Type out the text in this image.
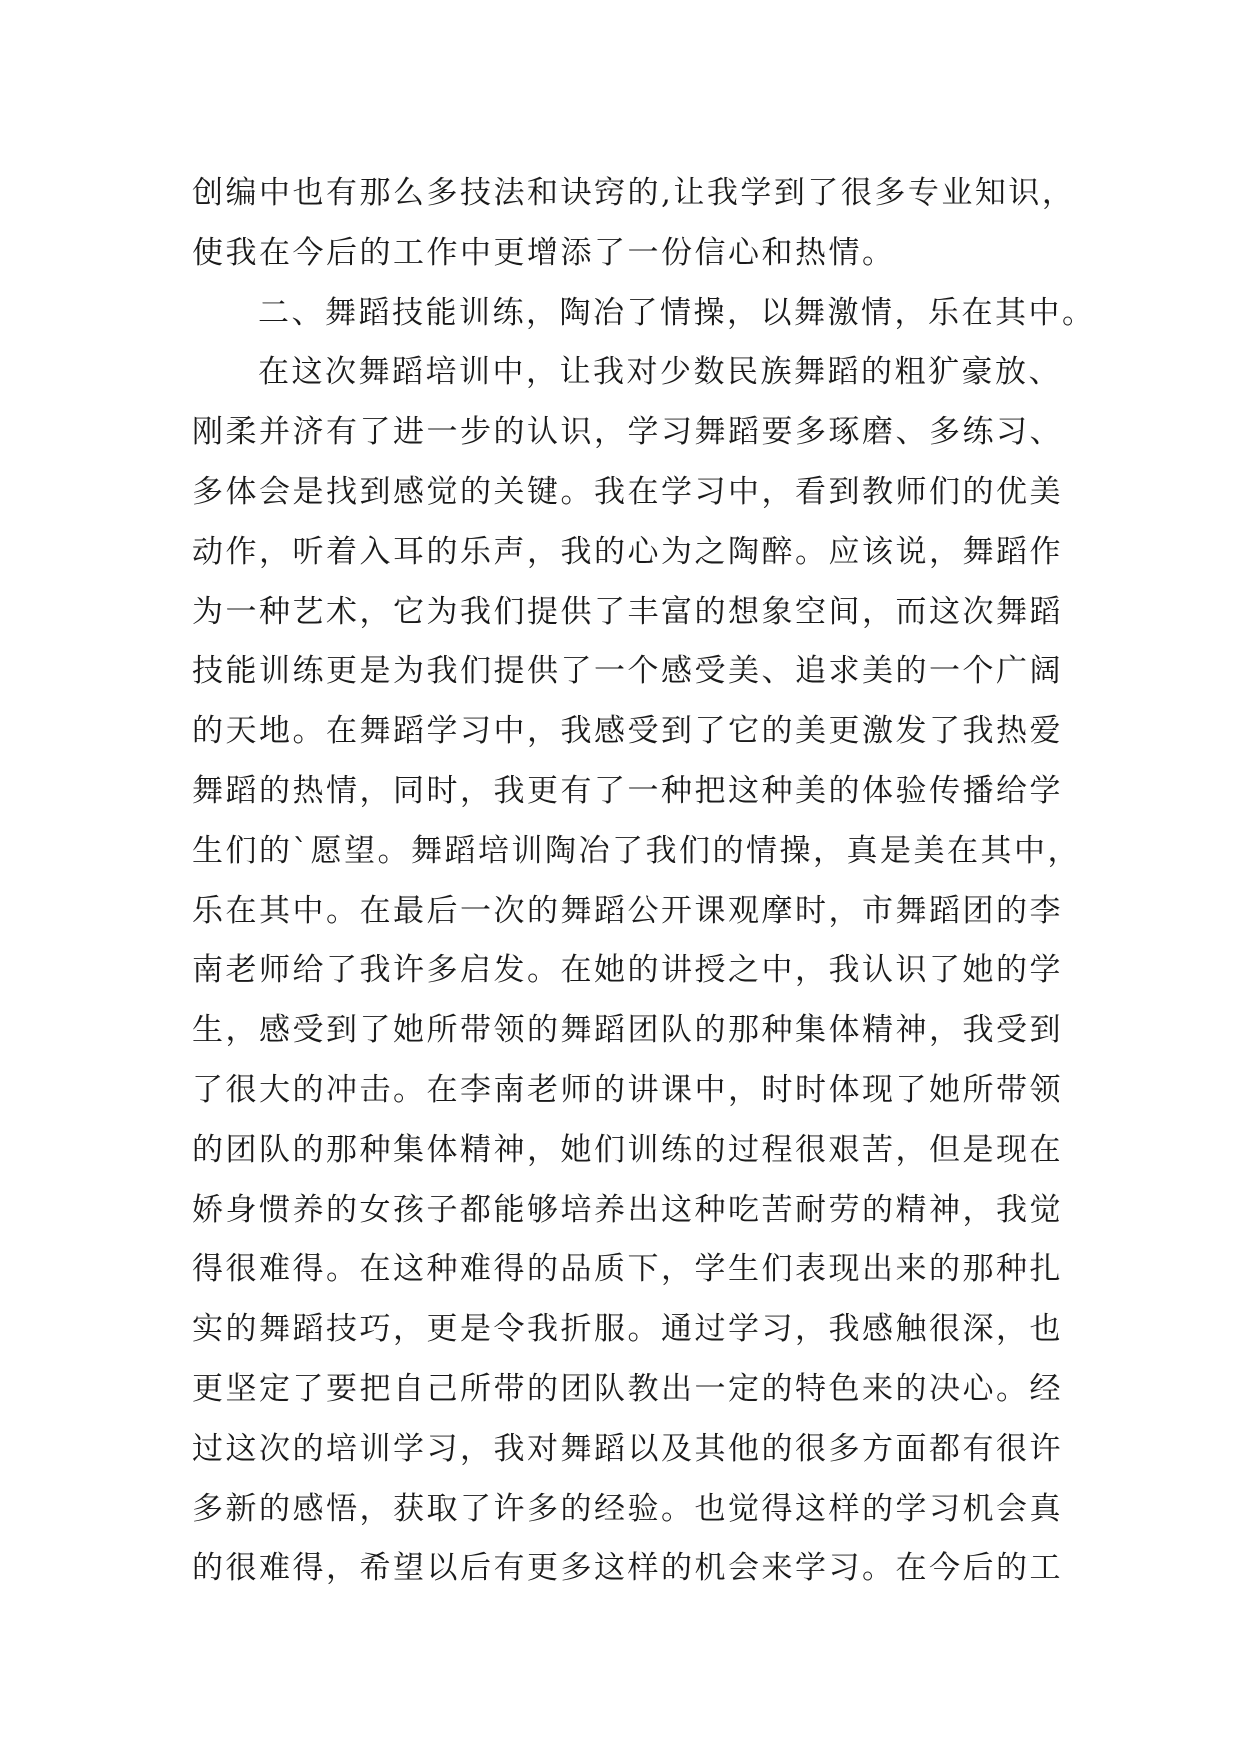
创编中也有那么多技法和诀窍的,让我学到了很多专业知识，
使我在今后的工作中更增添了一份信心和热情。
二、舞蹈技能训练，陶冶了情操，以舞激情，乐在其中。
在这次舞蹈培训中，让我对少数民族舞蹈的粗犷豪放、
刚柔并济有了进一步的认识，学习舞蹈要多琢磨、多练习、
多体会是找到感觉的关键。我在学习中，看到教师们的优美
动作，听着入耳的乐声，我的心为之陶醉。应该说，舞蹈作
为一种艺术，它为我们提供了丰富的想象空间，而这次舞蹈
技能训练更是为我们提供了一个感受美、追求美的一个广阔
的天地。在舞蹈学习中，我感受到了它的美更激发了我热爱
舞蹈的热情，同时，我更有了一种把这种美的体验传播给学
生们的`愿望。舞蹈培训陶冶了我们的情操，真是美在其中，
乐在其中。在最后一次的舞蹈公开课观摩时，市舞蹈团的李
南老师给了我许多启发。在她的讲授之中，我认识了她的学
生，感受到了她所带领的舞蹈团队的那种集体精神，我受到
了很大的冲击。在李南老师的讲课中，时时体现了她所带领
的团队的那种集体精神，她们训练的过程很艰苦，但是现在
娇身惯养的女孩子都能够培养出这种吃苦耐劳的精神，我觉
得很难得。在这种难得的品质下，学生们表现出来的那种扎
实的舞蹈技巧，更是令我折服。通过学习，我感触很深，也
更坚定了要把自己所带的团队教出一定的特色来的决心。经
过这次的培训学习，我对舞蹈以及其他的很多方面都有很许
多新的感悟，获取了许多的经验。也觉得这样的学习机会真
的很难得，希望以后有更多这样的机会来学习。在今后的工
